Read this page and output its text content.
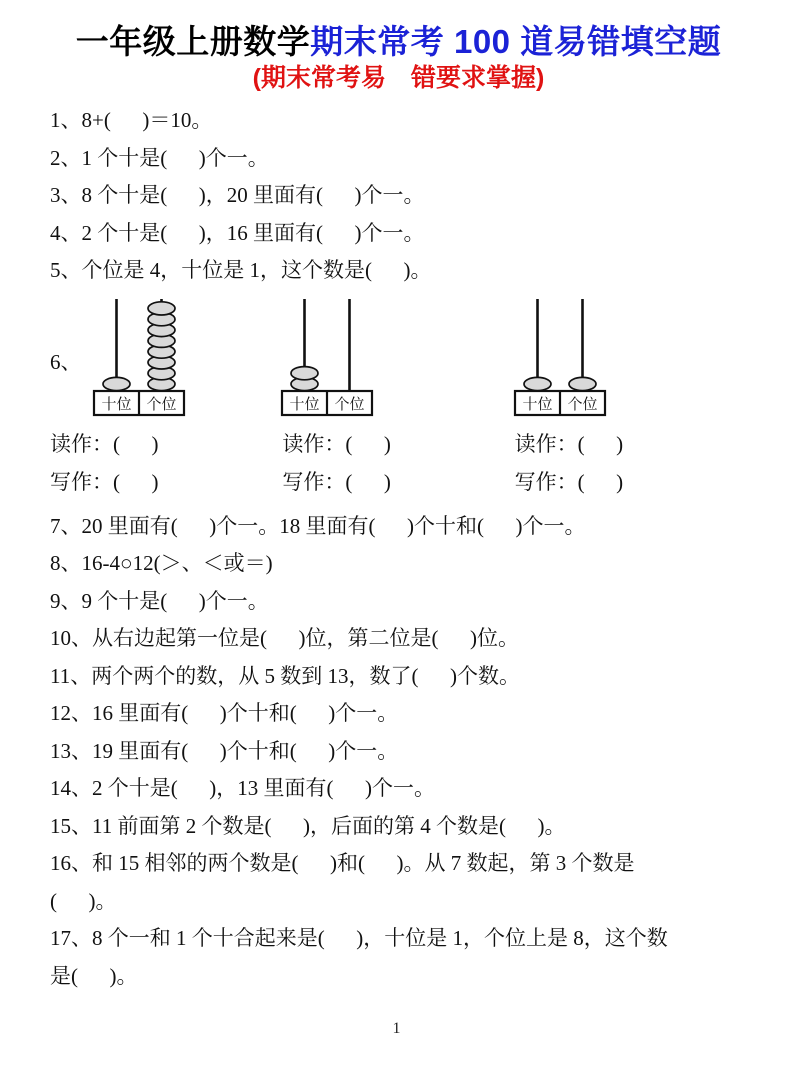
一年级上册数学期末常考 100 道易错填空题
(期末常考易　错要求掌握)

1、8+(      )＝10。

2、1 个十是(      )个一。

3、8 个十是(      )，20 里面有(      )个一。

4、2 个十是(      )，16 里面有(      )个一。

5、个位是 4，十位是 1，这个数是(      )。

6、
十位 个位	十位 个位	十位 个位
读作：(      )	读作：(      )	读作：(      )
写作：(      )	写作：(      )	写作：(      )

7、20 里面有(      )个一。18 里面有(      )个十和(      )个一。

8、16-4○12(＞、＜或＝)

9、9 个十是(      )个一。

10、从右边起第一位是(      )位，第二位是(      )位。

11、两个两个的数，从 5 数到 13，数了(      )个数。

12、16 里面有(      )个十和(      )个一。

13、19 里面有(      )个十和(      )个一。

14、2 个十是(      )，13 里面有(      )个一。

15、11 前面第 2 个数是(      )，后面的第 4 个数是(      )。

16、和 15 相邻的两个数是(      )和(      )。从 7 数起，第 3 个数是

(      )。

17、8 个一和 1 个十合起来是(      )，十位是 1，个位上是 8，这个数

是(      )。

1
